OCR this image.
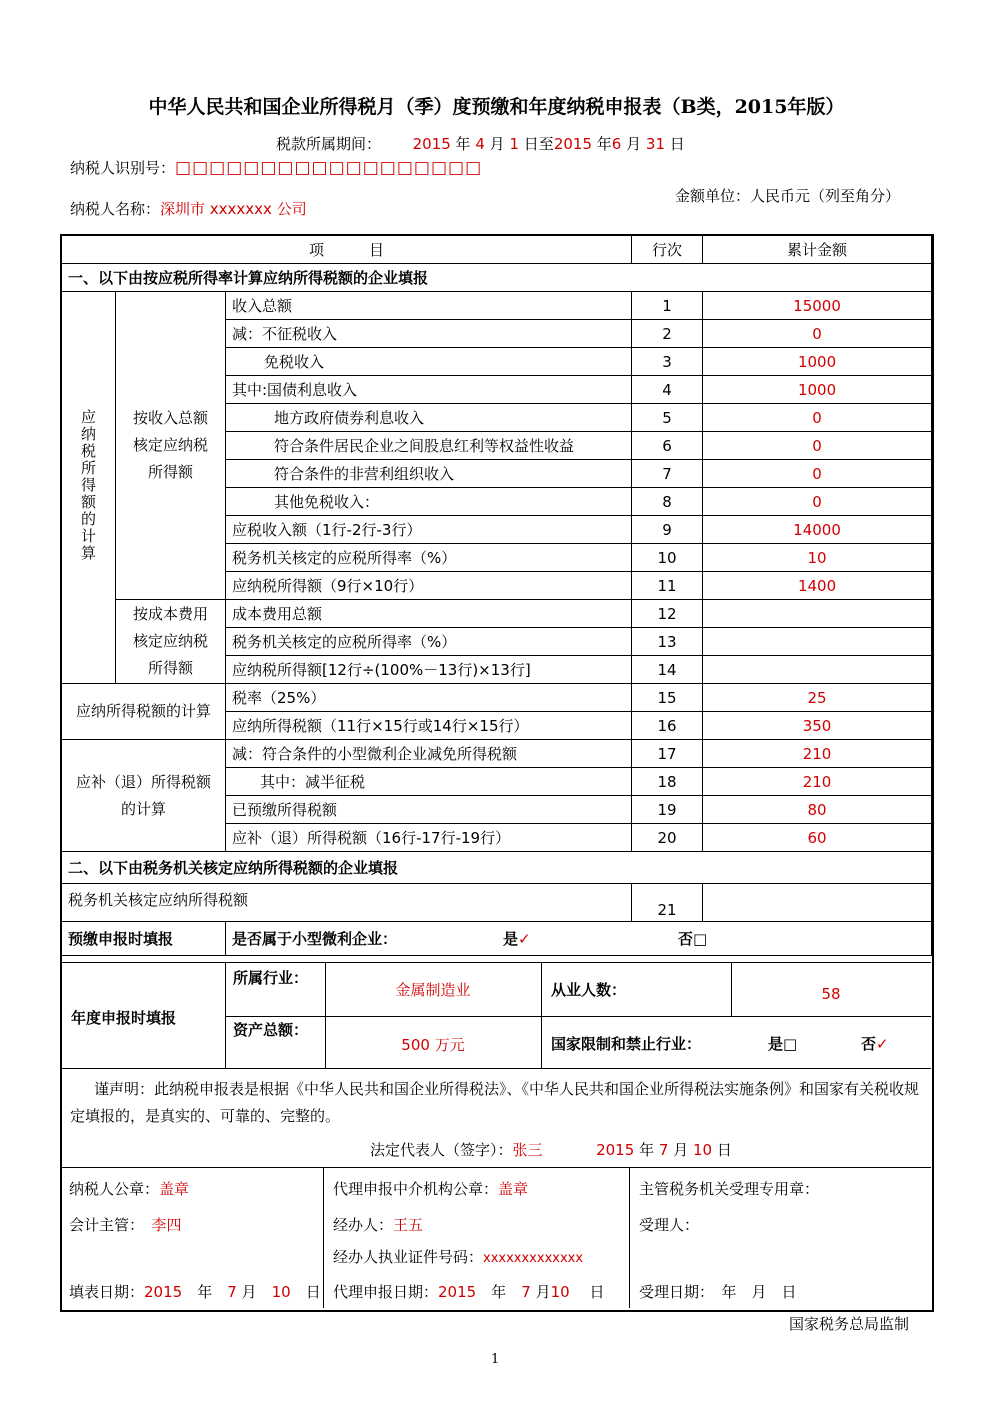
中华人民共和国企业所得税月（季）度预缴和年度纳税申报表（B类，2015年版）
税款所属期间： 2015 年 4 月 1 日至2015 年6 月 31 日
纳税人识别号：□□□□□□□□□□□□□□□□□□
金额单位：人民币元（列至角分）
纳税人名称：深圳市 xxxxxxx 公司
项　　　目			行次	累计金额
一、以下由按应税所得率计算应纳所得税额的企业填报				
应纳税所得额的计算	按收入总额核定应纳税所得额	收入总额	1	15000
		减：不征税收入	2	0
		免税收入	3	1000
		其中:国债利息收入	4	1000
		地方政府债券利息收入	5	0
		符合条件居民企业之间股息红利等权益性收益	6	0
		符合条件的非营利组织收入	7	0
		其他免税收入：	8	0
		应税收入额（1行-2行-3行）	9	14000
		税务机关核定的应税所得率（%）	10	10
		应纳税所得额（9行×10行）	11	1400
	按成本费用核定应纳税所得额	成本费用总额	12	
		税务机关核定的应税所得率（%）	13	
		应纳税所得额[12行÷(100%－13行)×13行]	14	
应纳所得税额的计算		税率（25%）	15	25
		应纳所得税额（11行×15行或14行×15行）	16	350
应补（退）所得税额的计算		减：符合条件的小型微利企业减免所得税额	17	210
		其中：减半征税	18	210
		已预缴所得税额	19	80
		应补（退）所得税额（16行-17行-19行）	20	60
二、以下由税务机关核定应纳所得税额的企业填报				
税务机关核定应纳所得税额			21	
预缴申报时填报		是否属于小型微利企业： 是✓ 否□		
年度申报时填报
所属行业：
金属制造业	从业人数：	58
资产总额：
500 万元	国家限制和禁止行业：	是□	否✓
谨声明：此纳税申报表是根据《中华人民共和国企业所得税法》、《中华人民共和国企业所得税法实施条例》和国家有关税收规定填报的，是真实的、可靠的、完整的。
法定代表人（签字）：张三	2015 年 7 月 10 日
纳税人公章：盖章
会计主管：　 李四
填表日期：2015　 年　 7 月　 10　 日
代理申报中介机构公章：盖章
经办人：王五
经办人执业证件号码：xxxxxxxxxxxxx
代理申报日期：2015　 年　 7 月10　 日
主管税务机关受理专用章：
受理人：
受理日期：　年　月　日
国家税务总局监制
1
